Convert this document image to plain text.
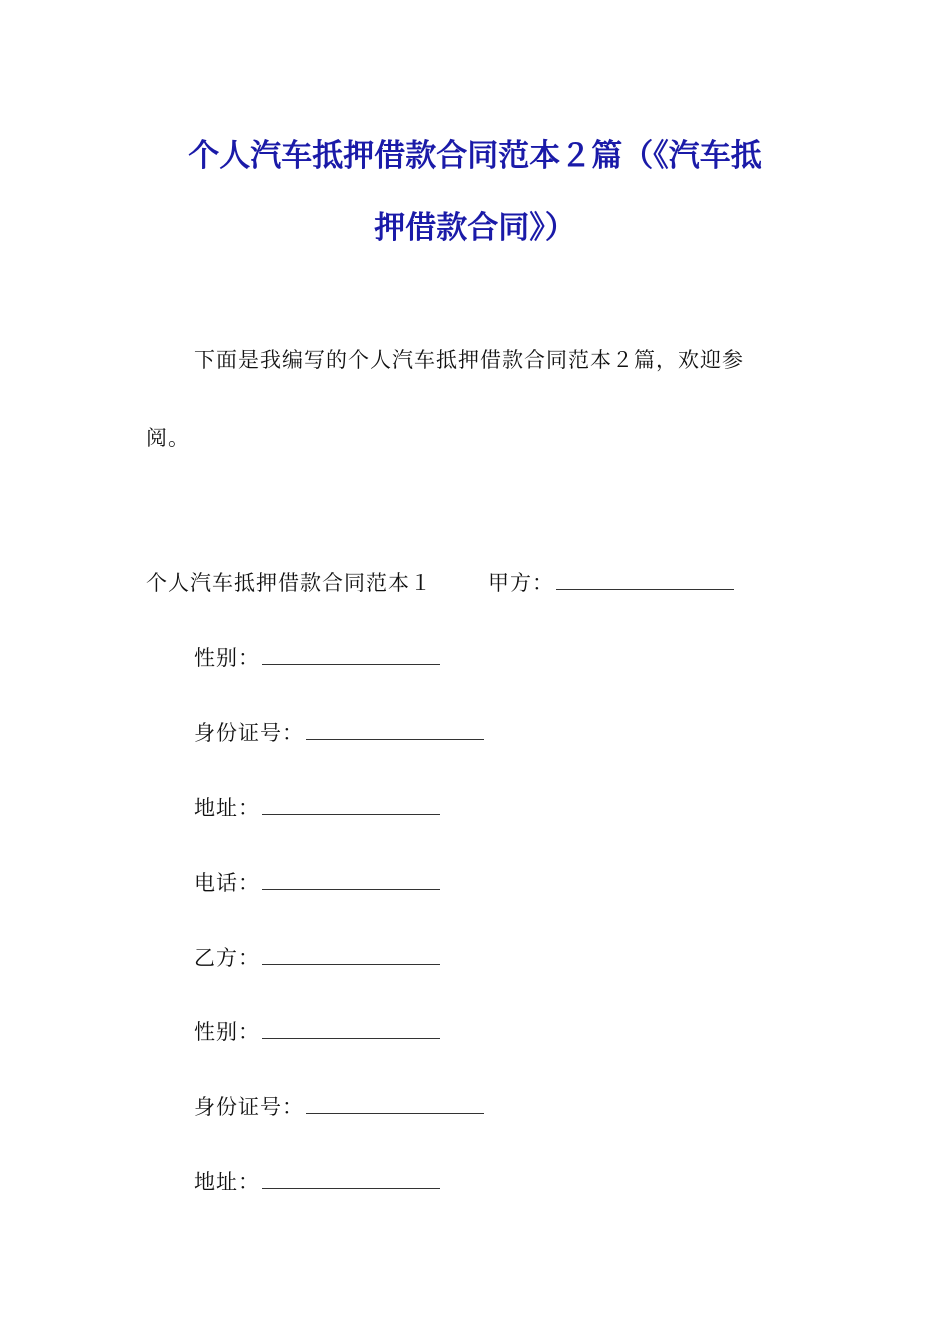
个人汽车抵押借款合同范本２篇（《汽车抵
押借款合同》）
下面是我编写的个人汽车抵押借款合同范本２篇，欢迎参
阅。
个人汽车抵押借款合同范本１	甲方：
性别：
身份证号：
地址：
电话：
乙方：
性别：
身份证号：
地址：
